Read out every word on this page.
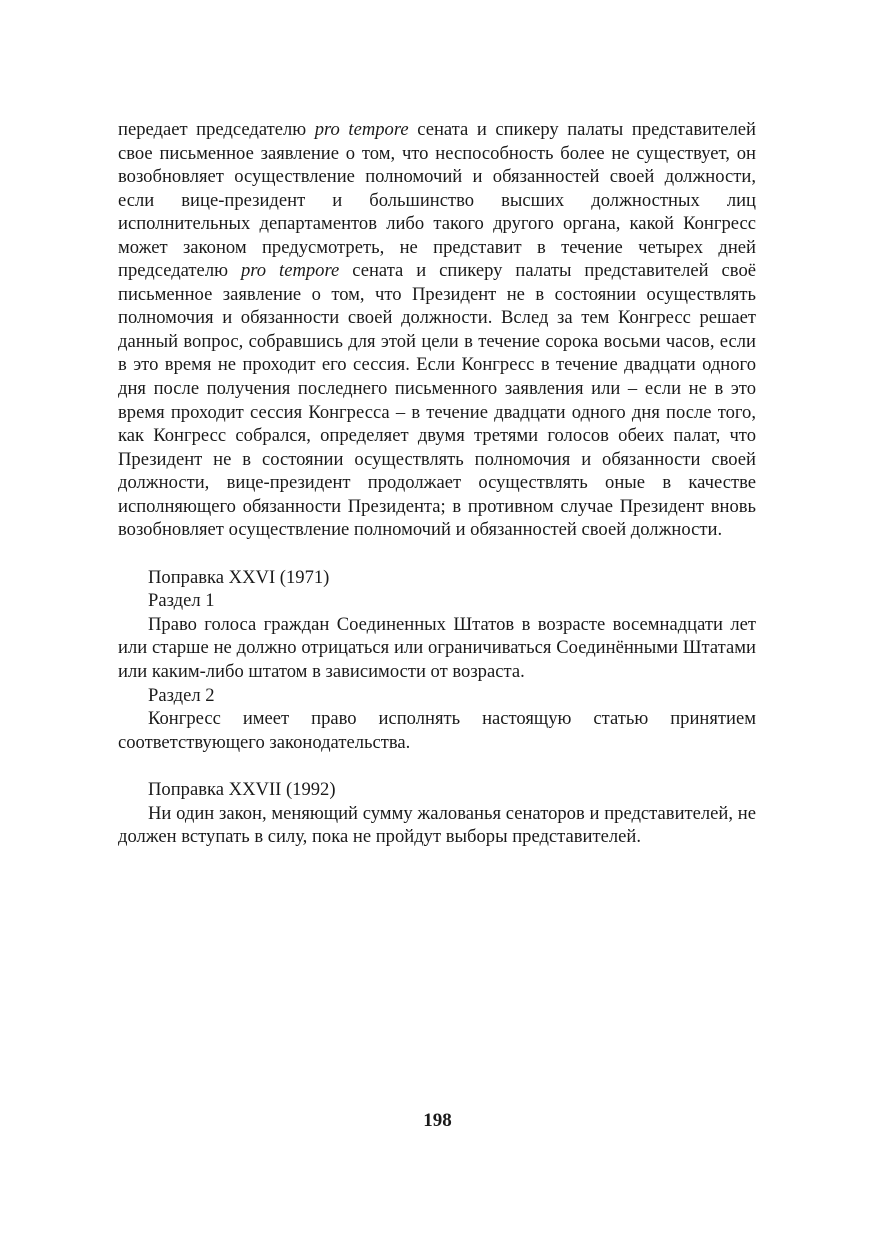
передает председателю pro tempore сената и спикеру палаты представителей свое письменное заявление о том, что неспособность более не существует, он возобновляет осуществление полномочий и обязанностей своей должности, если вице-президент и большинство высших должностных лиц исполнительных департаментов либо такого другого органа, какой Конгресс может законом предусмотреть, не представит в течение четырех дней председателю pro tempore сената и спикеру палаты представителей своё письменное заявление о том, что Президент не в состоянии осуществлять полномочия и обязанности своей должности. Вслед за тем Конгресс решает данный вопрос, собравшись для этой цели в течение сорока восьми часов, если в это время не проходит его сессия. Если Конгресс в течение двадцати одного дня после получения последнего письменного заявления или – если не в это время проходит сессия Конгресса – в течение двадцати одного дня после того, как Конгресс собрался, определяет двумя третями голосов обеих палат, что Президент не в состоянии осуществлять полномочия и обязанности своей должности, вице-президент продолжает осуществлять оные в качестве исполняющего обязанности Президента; в противном случае Президент вновь возобновляет осуществление полномочий и обязанностей своей должности.

Поправка XXVI (1971)

Раздел 1

Право голоса граждан Соединенных Штатов в возрасте восемнадцати лет или старше не должно отрицаться или ограничиваться Соединёнными Штатами или каким-либо штатом в зависимости от возраста.

Раздел 2

Конгресс имеет право исполнять настоящую статью принятием соответствующего законодательства.

Поправка XXVII (1992)

Ни один закон, меняющий сумму жалованья сенаторов и представителей, не должен вступать в силу, пока не пройдут выборы представителей.

198
